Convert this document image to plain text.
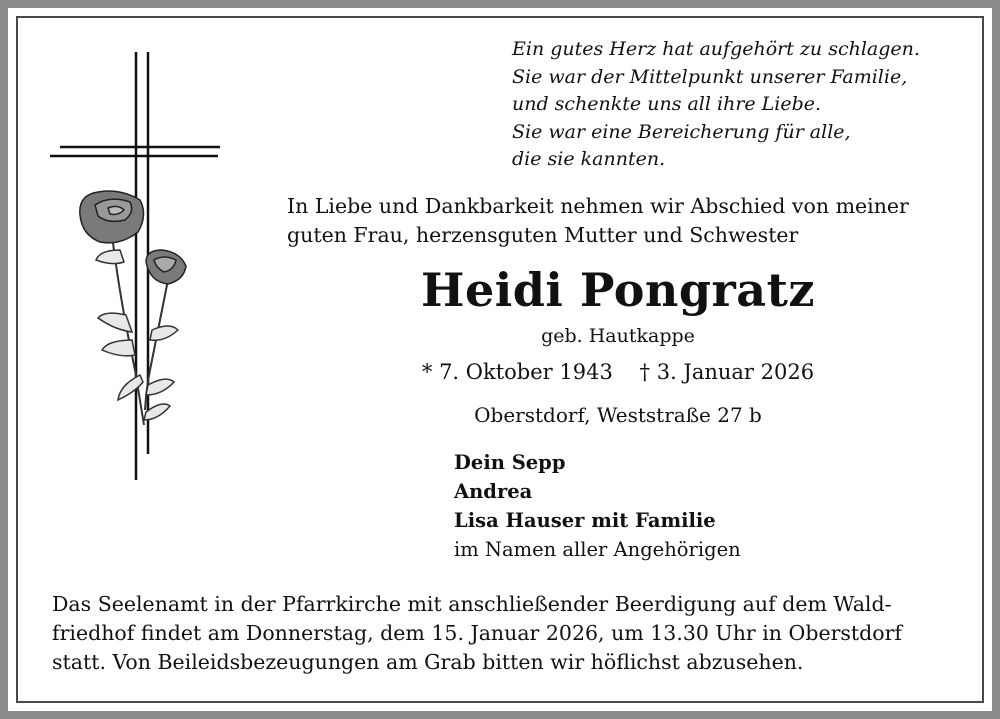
Ein gutes Herz hat aufgehört zu schlagen.
Sie war der Mittelpunkt unserer Familie,
und schenkte uns all ihre Liebe.
Sie war eine Bereicherung für alle,
die sie kannten.
In Liebe und Dankbarkeit nehmen wir Abschied von meiner
guten Frau, herzensguten Mutter und Schwester
Heidi Pongratz
geb. Hautkappe
* 7. Oktober 1943 † 3. Januar 2026
Oberstdorf, Weststraße 27 b
Dein Sepp
Andrea
Lisa Hauser mit Familie
im Namen aller Angehörigen
Das Seelenamt in der Pfarrkirche mit anschließender Beerdigung auf dem Wald-
friedhof findet am Donnerstag, dem 15. Januar 2026, um 13.30 Uhr in Oberstdorf
statt. Von Beileidsbezeugungen am Grab bitten wir höflichst abzusehen.
